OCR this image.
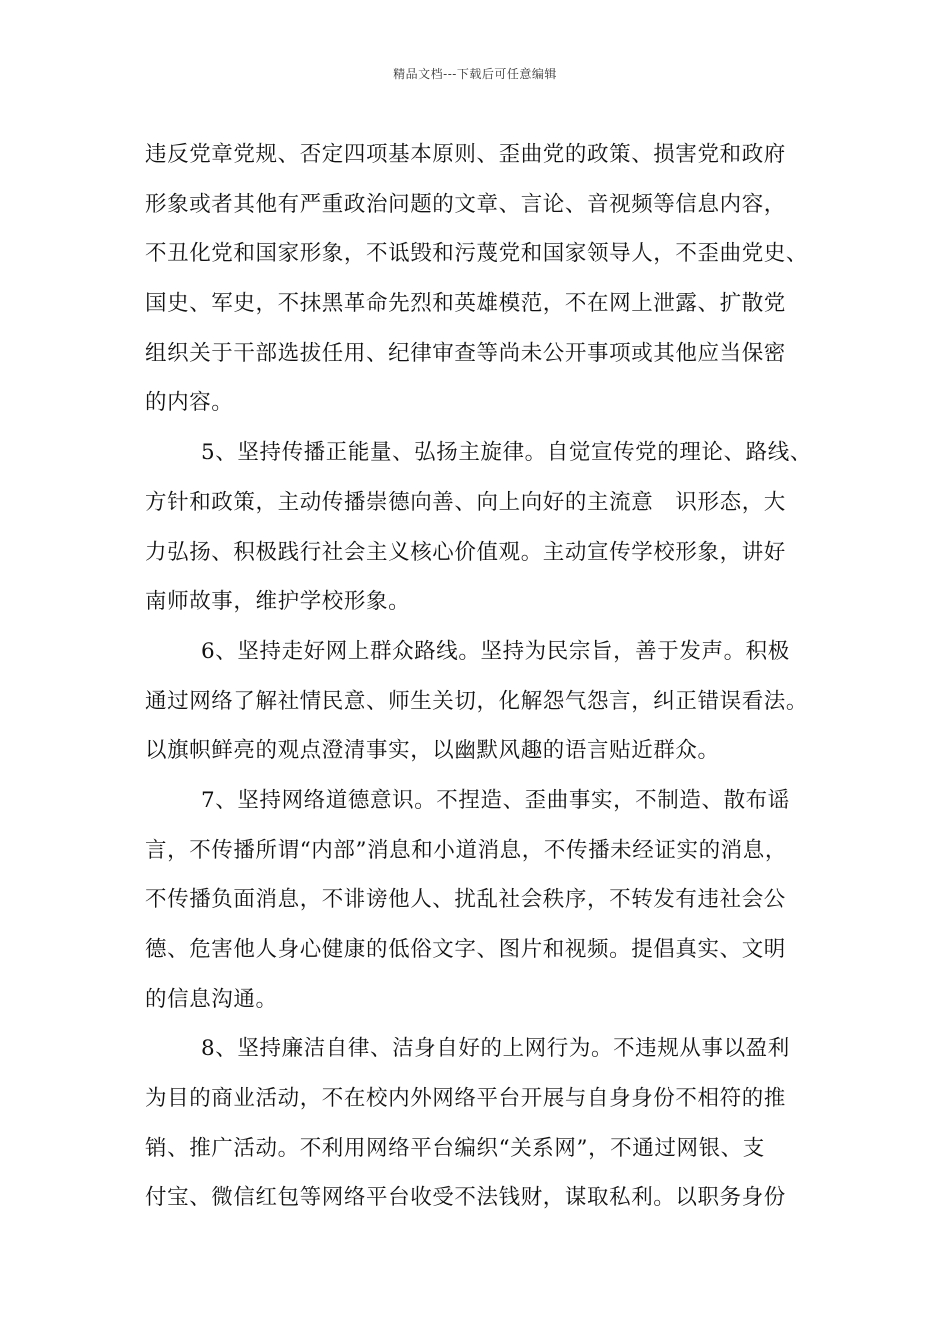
精品文档---下载后可任意编辑
违反党章党规、否定四项基本原则、歪曲党的政策、损害党和政府
形象或者其他有严重政治问题的文章、言论、音视频等信息内容，
不丑化党和国家形象，不诋毁和污蔑党和国家领导人，不歪曲党史、
国史、军史，不抹黑革命先烈和英雄模范，不在网上泄露、扩散党
组织关于干部选拔任用、纪律审查等尚未公开事项或其他应当保密
的内容。
5、坚持传播正能量、弘扬主旋律。自觉宣传党的理论、路线、
方针和政策，主动传播崇德向善、向上向好的主流意　识形态，大
力弘扬、积极践行社会主义核心价值观。主动宣传学校形象，讲好
南师故事，维护学校形象。
6、坚持走好网上群众路线。坚持为民宗旨，善于发声。积极
通过网络了解社情民意、师生关切，化解怨气怨言，纠正错误看法。
以旗帜鲜亮的观点澄清事实，以幽默风趣的语言贴近群众。
7、坚持网络道德意识。不捏造、歪曲事实，不制造、散布谣
言，不传播所谓“内部”消息和小道消息，不传播未经证实的消息，
不传播负面消息，不诽谤他人、扰乱社会秩序，不转发有违社会公
德、危害他人身心健康的低俗文字、图片和视频。提倡真实、文明
的信息沟通。
8、坚持廉洁自律、洁身自好的上网行为。不违规从事以盈利
为目的商业活动，不在校内外网络平台开展与自身身份不相符的推
销、推广活动。不利用网络平台编织“关系网”，不通过网银、支
付宝、微信红包等网络平台收受不法钱财，谋取私利。以职务身份
